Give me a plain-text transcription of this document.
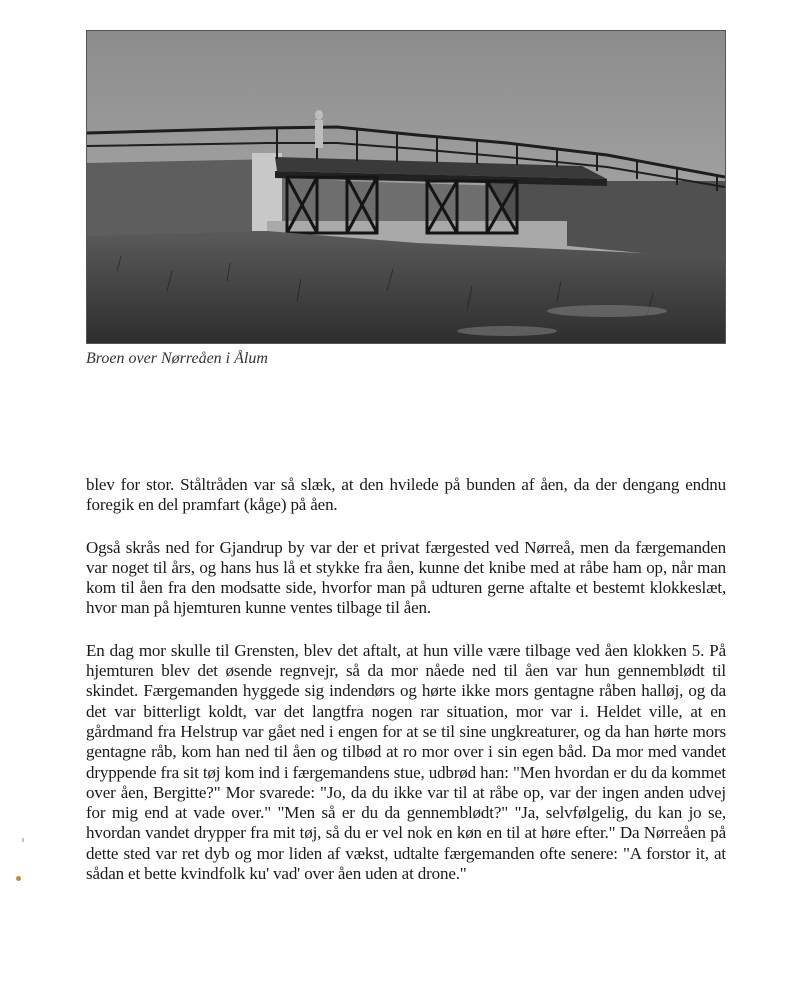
Broen over Nørreåen i Ålum

blev for stor. Ståltråden var så slæk, at den hvilede på bunden af åen, da der dengang endnu foregik en del pramfart (kåge) på åen.

Også skrås ned for Gjandrup by var der et privat færgested ved Nørreå, men da færgemanden var noget til års, og hans hus lå et stykke fra åen, kunne det knibe med at råbe ham op, når man kom til åen fra den modsatte side, hvorfor man på udturen gerne aftalte et bestemt klokkeslæt, hvor man på hjemturen kunne ventes tilbage til åen.

En dag mor skulle til Grensten, blev det aftalt, at hun ville være tilbage ved åen klokken 5. På hjemturen blev det øsende regnvejr, så da mor nåede ned til åen var hun gennemblødt til skindet. Færgemanden hyggede sig indendørs og hørte ikke mors gentagne råben halløj, og da det var bitterligt koldt, var det langtfra nogen rar situation, mor var i. Heldet ville, at en gårdmand fra Helstrup var gået ned i engen for at se til sine ungkreaturer, og da han hørte mors gentagne råb, kom han ned til åen og tilbød at ro mor over i sin egen båd. Da mor med vandet dryppende fra sit tøj kom ind i færgemandens stue, udbrød han: "Men hvordan er du da kommet over åen, Bergitte?" Mor svarede: "Jo, da du ikke var til at råbe op, var der ingen anden udvej for mig end at vade over." "Men så er du da gennemblødt?" "Ja, selvfølgelig, du kan jo se, hvordan vandet drypper fra mit tøj, så du er vel nok en køn en til at høre efter." Da Nørreåen på dette sted var ret dyb og mor liden af vækst, udtalte færgemanden ofte senere: "A forstor it, at sådan et bette kvindfolk ku' vad' over åen uden at drone."
